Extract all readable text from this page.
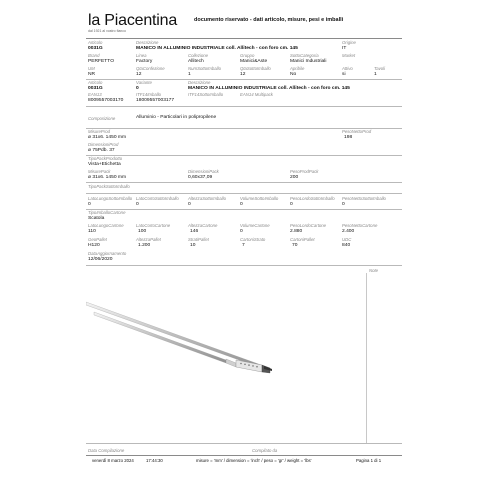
la Piacentina
dal 1921 al vostro fianco
documento riservato - dati articolo, misure, pesi e imballi
Articolo	Descrizione	Origine
0031G	MANICO IN ALLUMINIO INDUSTRIALE coll. Allitech - con foro cm. 145	IT
Brand	Linea	Collezione	Gruppo	SottoCategoria	Market
PERFETTO	Factory	Allitech	Manici&Aste	Manici Industriali
UM	QtaConfezione	NumSottoImballo	QtaSottoImballo	Apribile	Attivo	Tavoli
NR	12	1	12	No	si	1
Articolo	Variante	Descrizione
0031G	0	MANICO IN ALLUMINIO INDUSTRIALE coll. Allitech - con foro cm. 145
EAN13	ITF14Imballo	ITF14SottoImballo	EAN14 Multipack
8009557003170	18009557003177
Composizione	Alluminio - Particolari in polipropilene
MisureProd	PesoNettoProd
ø 31x6. 1450 mm	198
DimensioniProd
ø 75Pdb. 37
TipoPackProdotto
Vista+Etichetta
MisurePack	DimensioniPack	PesoProdPack
ø 31x6. 1450 mm	0,60x37,09	200
TipoPackSottoImballo
LatoLungoSottoImballo LatoCortoSottoImballo AltezzaSottoImballo	VolumeSottoImballo	PesoLordoSottoImballo PesoNettoSottoImballo
0	0	0	0	0	0
TipoImballoCartone
Scatola
LatoLungoCartone	LatoCortoCartone	AltezzaCartone	VolumeCartone	PesoLordoCartone	PesoNettoCartone
110	100	146	0	2.880	2.400
GeoPallet	AltezzaPallet	StratiPallet	CartoniStrato	CartoniPallet	UDC
H120	1.200	10	7	70	840
DataAggiornamento
12/06/2020
Note
Data Compilazione	Compilato da
venerdì 8 marzo 2024	17:44:30	misure = 'mm' / dimension = 'inch' / peso = 'gr' / weight = 'lbs'	Pagina 1 di 1
